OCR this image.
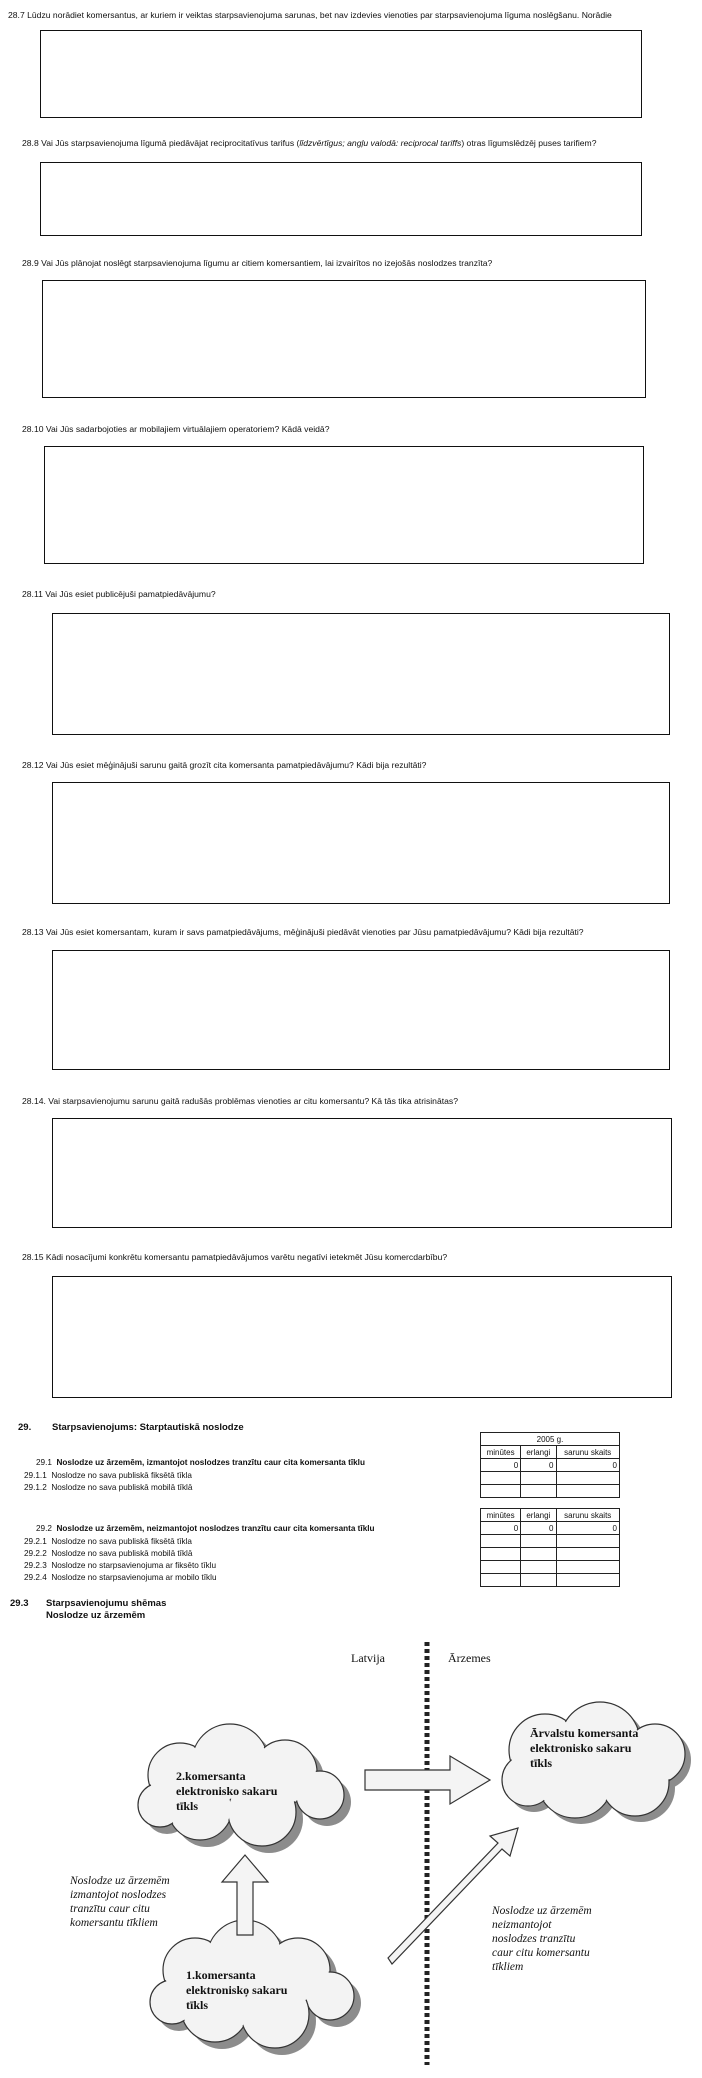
28.7 Lūdzu norādiet komersantus, ar kuriem ir veiktas starpsavienojuma sarunas, bet nav izdevies vienoties par starpsavienojuma līguma noslēgšanu. Norādie
28.8 Vai Jūs starpsavienojuma līgumā piedāvājat reciprocitatīvus tarifus (līdzvērtīgus; angļu valodā: reciprocal tariffs) otras līgumslēdzēj puses tarifiem?
28.9 Vai Jūs plānojat noslēgt starpsavienojuma līgumu ar citiem komersantiem, lai izvairītos no izejošās noslodzes tranzīta?
28.10 Vai Jūs sadarbojoties ar mobilajiem virtuālajiem operatoriem? Kādā veidā?
28.11 Vai Jūs esiet publicējuši pamatpiedāvājumu?
28.12 Vai Jūs esiet mēģinājuši sarunu gaitā grozīt cita komersanta pamatpiedāvājumu? Kādi bija rezultāti?
28.13 Vai Jūs esiet komersantam, kuram ir savs pamatpiedāvājums, mēģinājuši piedāvāt vienoties par Jūsu pamatpiedāvājumu? Kādi bija rezultāti?
28.14. Vai starpsavienojumu sarunu gaitā radušās problēmas vienoties ar citu komersantu? Kā tās tika atrisinātas?
28.15 Kādi nosacījumi konkrētu komersantu pamatpiedāvājumos varētu negatīvi ietekmēt Jūsu komercdarbību?
29. Starpsavienojums: Starptautiskā noslodze
2005 g.		
minūtes	erlangi	sarunu skaits
0	0	0

29.1 Noslodze uz ārzemēm, izmantojot noslodzes tranzītu caur cita komersanta tīklu
29.1.1 Noslodze no sava publiskā fiksētā tīkla
29.1.2 Noslodze no sava publiskā mobilā tīklā
minūtes	erlangi	sarunu skaits
0	0	0

29.2 Noslodze uz ārzemēm, neizmantojot noslodzes tranzītu caur cita komersanta tīklu
29.2.1 Noslodze no sava publiskā fiksētā tīkla
29.2.2 Noslodze no sava publiskā mobilā tīklā
29.2.3 Noslodze no starpsavienojuma ar fiksēto tīklu
29.2.4 Noslodze no starpsavienojuma ar mobilo tīklu
29.3 Starpsavienojumu shēmas
Noslodze uz ārzemēm
Latvija	Ārzemes
Ārvalstu komersanta
elektronisko sakaru
tīkls
2.komersanta
elektronisko sakaru
tīkls
1.komersanta
elektronisko sakaru
tīkls
Noslodze uz ārzemēm
izmantojot noslodzes
tranzītu caur citu
komersantu tīkliem
Noslodze uz ārzemēm
neizmantojot
noslodzes tranzītu
caur citu komersantu
tīkliem
